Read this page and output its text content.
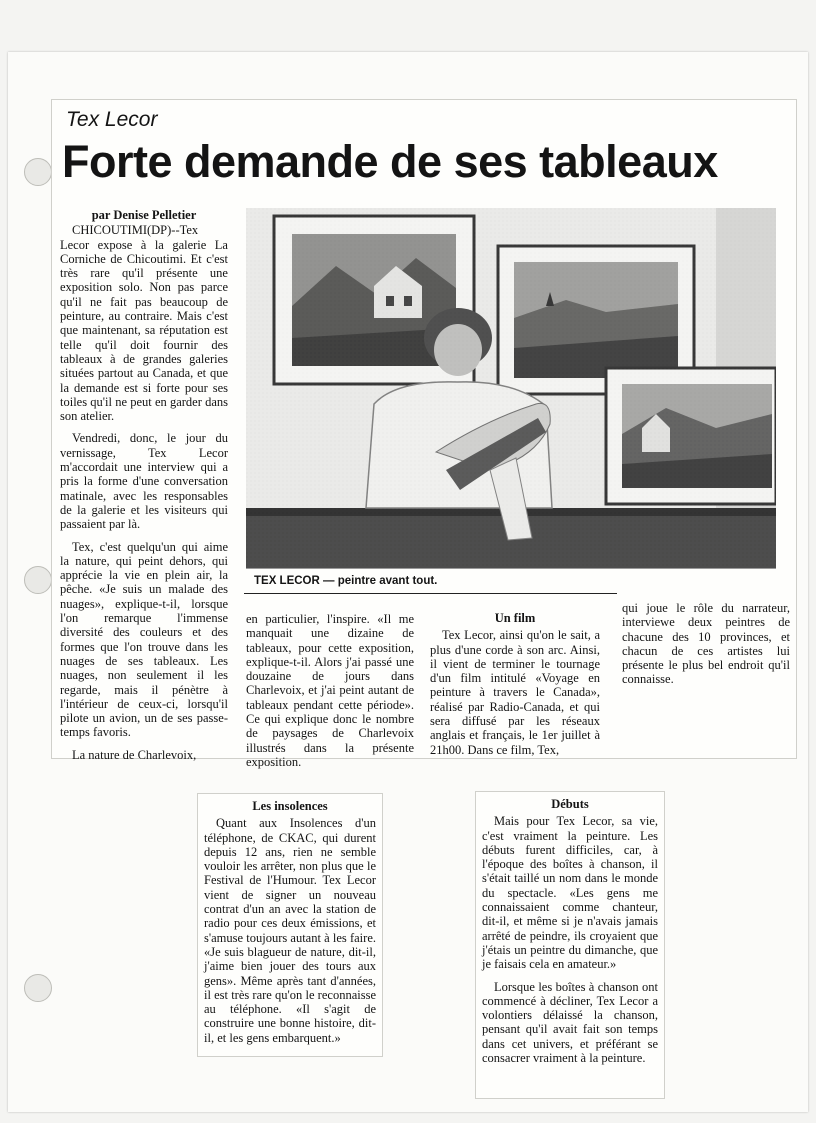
Tex Lecor
Forte demande de ses tableaux

par Denise Pelletier

CHICOUTIMI(DP)--Tex Lecor expose à la galerie La Corniche de Chicoutimi. Et c'est très rare qu'il présente une exposition solo. Non pas parce qu'il ne fait pas beaucoup de peinture, au contraire. Mais c'est que maintenant, sa réputation est telle qu'il doit fournir des tableaux à de grandes galeries situées partout au Canada, et que la demande est si forte pour ses toiles qu'il ne peut en garder dans son atelier.

Vendredi, donc, le jour du vernissage, Tex Lecor m'accordait une interview qui a pris la forme d'une conversation matinale, avec les responsables de la galerie et les visiteurs qui passaient par là.

Tex, c'est quelqu'un qui aime la nature, qui peint dehors, qui apprécie la vie en plein air, la pêche. «Je suis un malade des nuages», explique-t-il, lorsque l'on remarque l'immense diversité des couleurs et des formes que l'on trouve dans les nuages de ses tableaux. Les nuages, non seulement il les regarde, mais il pénètre à l'intérieur de ceux-ci, lorsqu'il pilote un avion, un de ses passe-temps favoris.

La nature de Charlevoix,

TEX LECOR — peintre avant tout.

en particulier, l'inspire. «Il me manquait une dizaine de tableaux, pour cette exposition, explique-t-il. Alors j'ai passé une douzaine de jours dans Charlevoix, et j'ai peint autant de tableaux pendant cette période». Ce qui explique donc le nombre de paysages de Charlevoix illustrés dans la présente exposition.

Un film

Tex Lecor, ainsi qu'on le sait, a plus d'une corde à son arc. Ainsi, il vient de terminer le tournage d'un film intitulé «Voyage en peinture à travers le Canada», réalisé par Radio-Canada, et qui sera diffusé par les réseaux anglais et français, le 1er juillet à 21h00. Dans ce film, Tex,

qui joue le rôle du narrateur, interviewe deux peintres de chacune des 10 provinces, et chacun de ces artistes lui présente le plus bel endroit qu'il connaisse.

Les insolences

Quant aux Insolences d'un téléphone, de CKAC, qui durent depuis 12 ans, rien ne semble vouloir les arrêter, non plus que le Festival de l'Humour. Tex Lecor vient de signer un nouveau contrat d'un an avec la station de radio pour ces deux émissions, et s'amuse toujours autant à les faire. «Je suis blagueur de nature, dit-il, j'aime bien jouer des tours aux gens». Même après tant d'années, il est très rare qu'on le reconnaisse au téléphone. «Il s'agit de construire une bonne histoire, dit-il, et les gens embarquent.»

Débuts

Mais pour Tex Lecor, sa vie, c'est vraiment la peinture. Les débuts furent difficiles, car, à l'époque des boîtes à chanson, il s'était taillé un nom dans le monde du spectacle. «Les gens me connaissaient comme chanteur, dit-il, et même si je n'avais jamais arrêté de peindre, ils croyaient que j'étais un peintre du dimanche, que je faisais cela en amateur.»

Lorsque les boîtes à chanson ont commencé à décliner, Tex Lecor a volontiers délaissé la chanson, pensant qu'il avait fait son temps dans cet univers, et préférant se consacrer vraiment à la peinture.
